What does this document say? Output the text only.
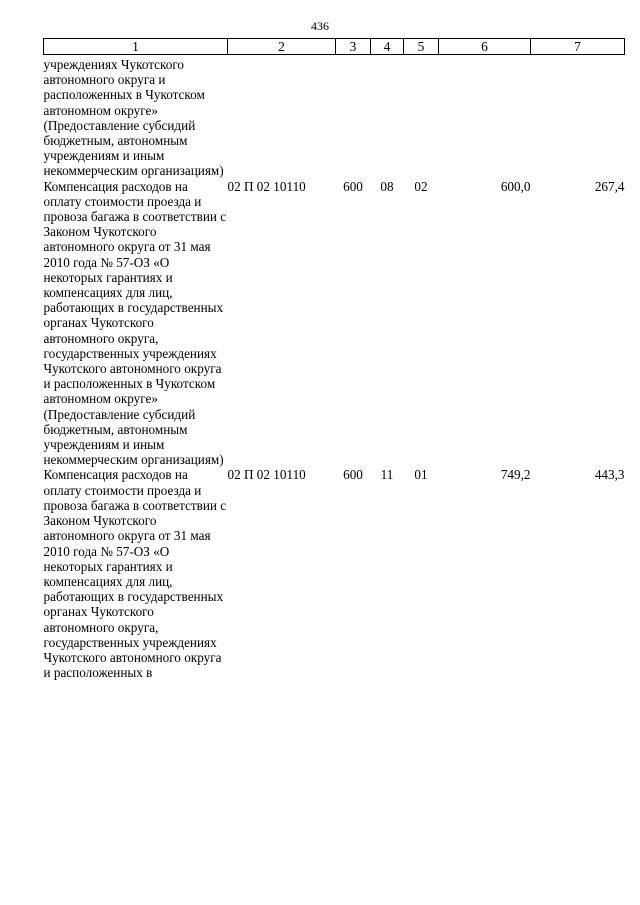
436
1	2	3	4	5	6	7
учреждениях Чукотского автономного округа и расположенных в Чукотском автономном округе» (Предоставление субсидий бюджетным, автономным учреждениям и иным некоммерческим организациям)						
Компенсация расходов на оплату стоимости проезда и провоза багажа в соответствии с Законом Чукотского автономного округа от 31 мая 2010 года № 57-ОЗ «О некоторых гарантиях и компенсациях для лиц, работающих в государственных органах Чукотского автономного округа, государственных учреждениях Чукотского автономного округа и расположенных в Чукотском автономном округе» (Предоставление субсидий бюджетным, автономным учреждениям и иным некоммерческим организациям)	02 П 02 10110	600	08	02	600,0	267,4
Компенсация расходов на оплату стоимости проезда и провоза багажа в соответствии с Законом Чукотского автономного округа от 31 мая 2010 года № 57-ОЗ «О некоторых гарантиях и компенсациях для лиц, работающих в государственных органах Чукотского автономного округа, государственных учреждениях Чукотского автономного округа и расположенных в	02 П 02 10110	600	11	01	749,2	443,3
